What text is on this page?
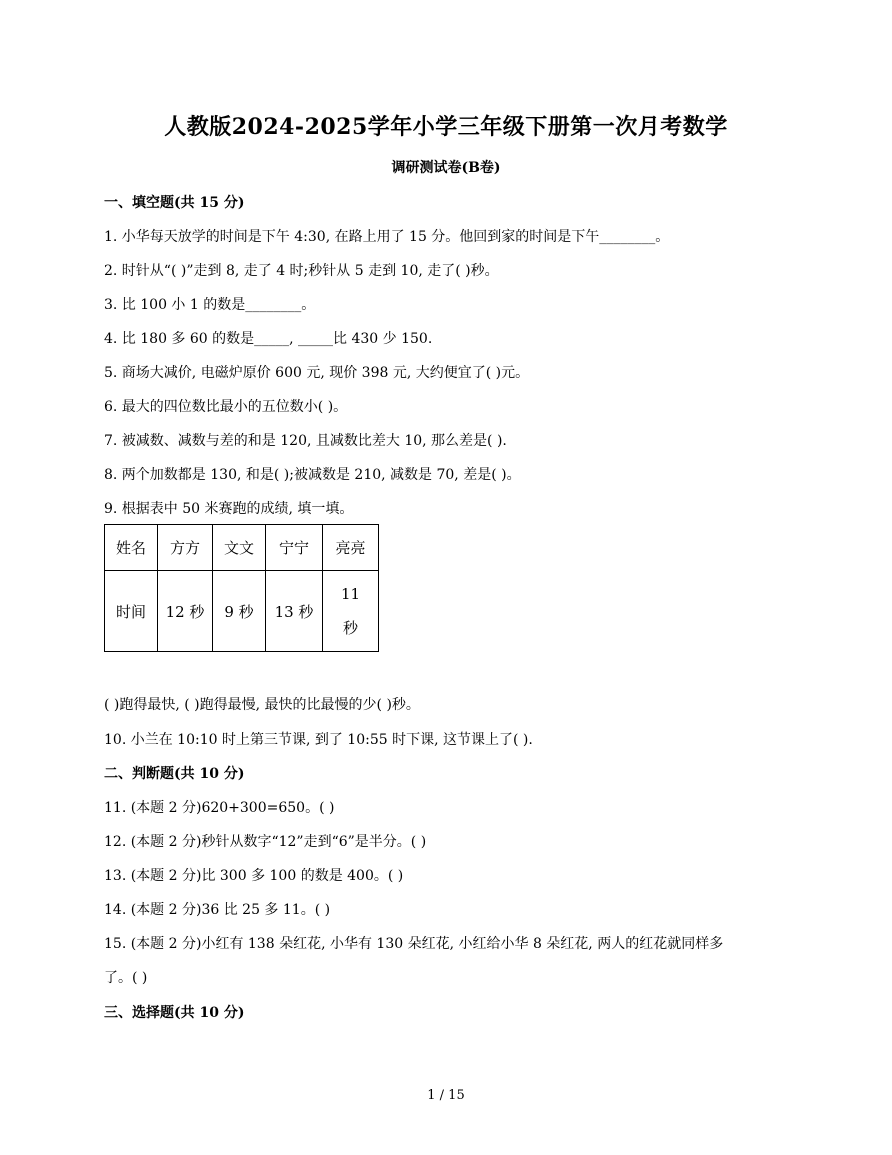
人教版2024-2025学年小学三年级下册第一次月考数学
调研测试卷(B卷)
一、填空题(共 15 分)
1. 小华每天放学的时间是下午 4:30, 在路上用了 15 分。他回到家的时间是下午________。
2. 时针从“( )”走到 8, 走了 4 时;秒针从 5 走到 10, 走了( )秒。
3. 比 100 小 1 的数是________。
4. 比 180 多 60 的数是_____, _____比 430 少 150.
5. 商场大减价, 电磁炉原价 600 元, 现价 398 元, 大约便宜了( )元。
6. 最大的四位数比最小的五位数小( )。
7. 被减数、减数与差的和是 120, 且减数比差大 10, 那么差是( ).
8. 两个加数都是 130, 和是( );被减数是 210, 减数是 70, 差是( )。
9. 根据表中 50 米赛跑的成绩, 填一填。
姓名	方方	文文	宁宁	亮亮
时间	12 秒	9 秒	13 秒	11
秒
( )跑得最快, ( )跑得最慢, 最快的比最慢的少( )秒。
10. 小兰在 10:10 时上第三节课, 到了 10:55 时下课, 这节课上了( ).
二、判断题(共 10 分)
11. (本题 2 分)620+300=650。( )
12. (本题 2 分)秒针从数字“12”走到“6”是半分。( )
13. (本题 2 分)比 300 多 100 的数是 400。( )
14. (本题 2 分)36 比 25 多 11。( )
15. (本题 2 分)小红有 138 朵红花, 小华有 130 朵红花, 小红给小华 8 朵红花, 两人的红花就同样多
了。( )
三、选择题(共 10 分)
1 / 15
